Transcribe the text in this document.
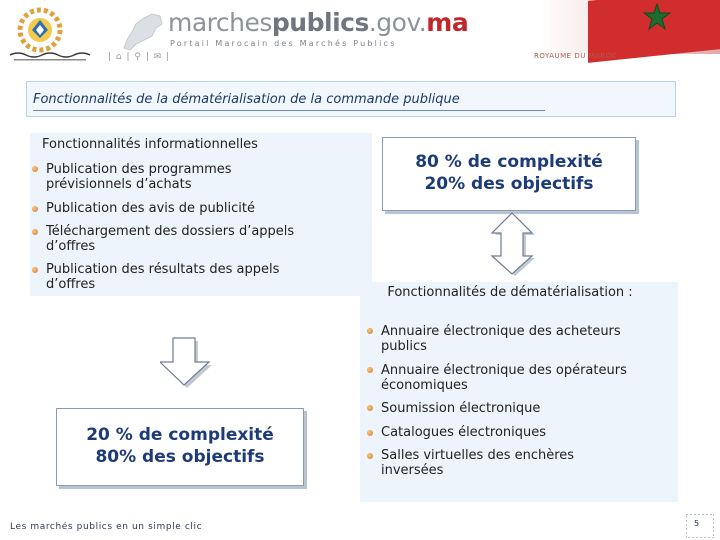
marchespublics.gov.ma
Portail Marocain des Marchés Publics
| ⌂ | ⚲ | ✉ |	ROYAUME DU MAROC
Fonctionnalités de la dématérialisation de la commande publique
Fonctionnalités informationnelles
Publication des programmes prévisionnels d’achats
Publication des avis de publicité
Téléchargement des dossiers d’appels d’offres
Publication des résultats des appels d’offres
80 % de complexité
20% des objectifs
20 % de complexité
80% des objectifs
Fonctionnalités de dématérialisation :
Annuaire électronique des acheteurs publics
Annuaire électronique des opérateurs économiques
Soumission électronique
Catalogues électroniques
Salles virtuelles des enchères inversées
Les marchés publics en un simple clic	5
